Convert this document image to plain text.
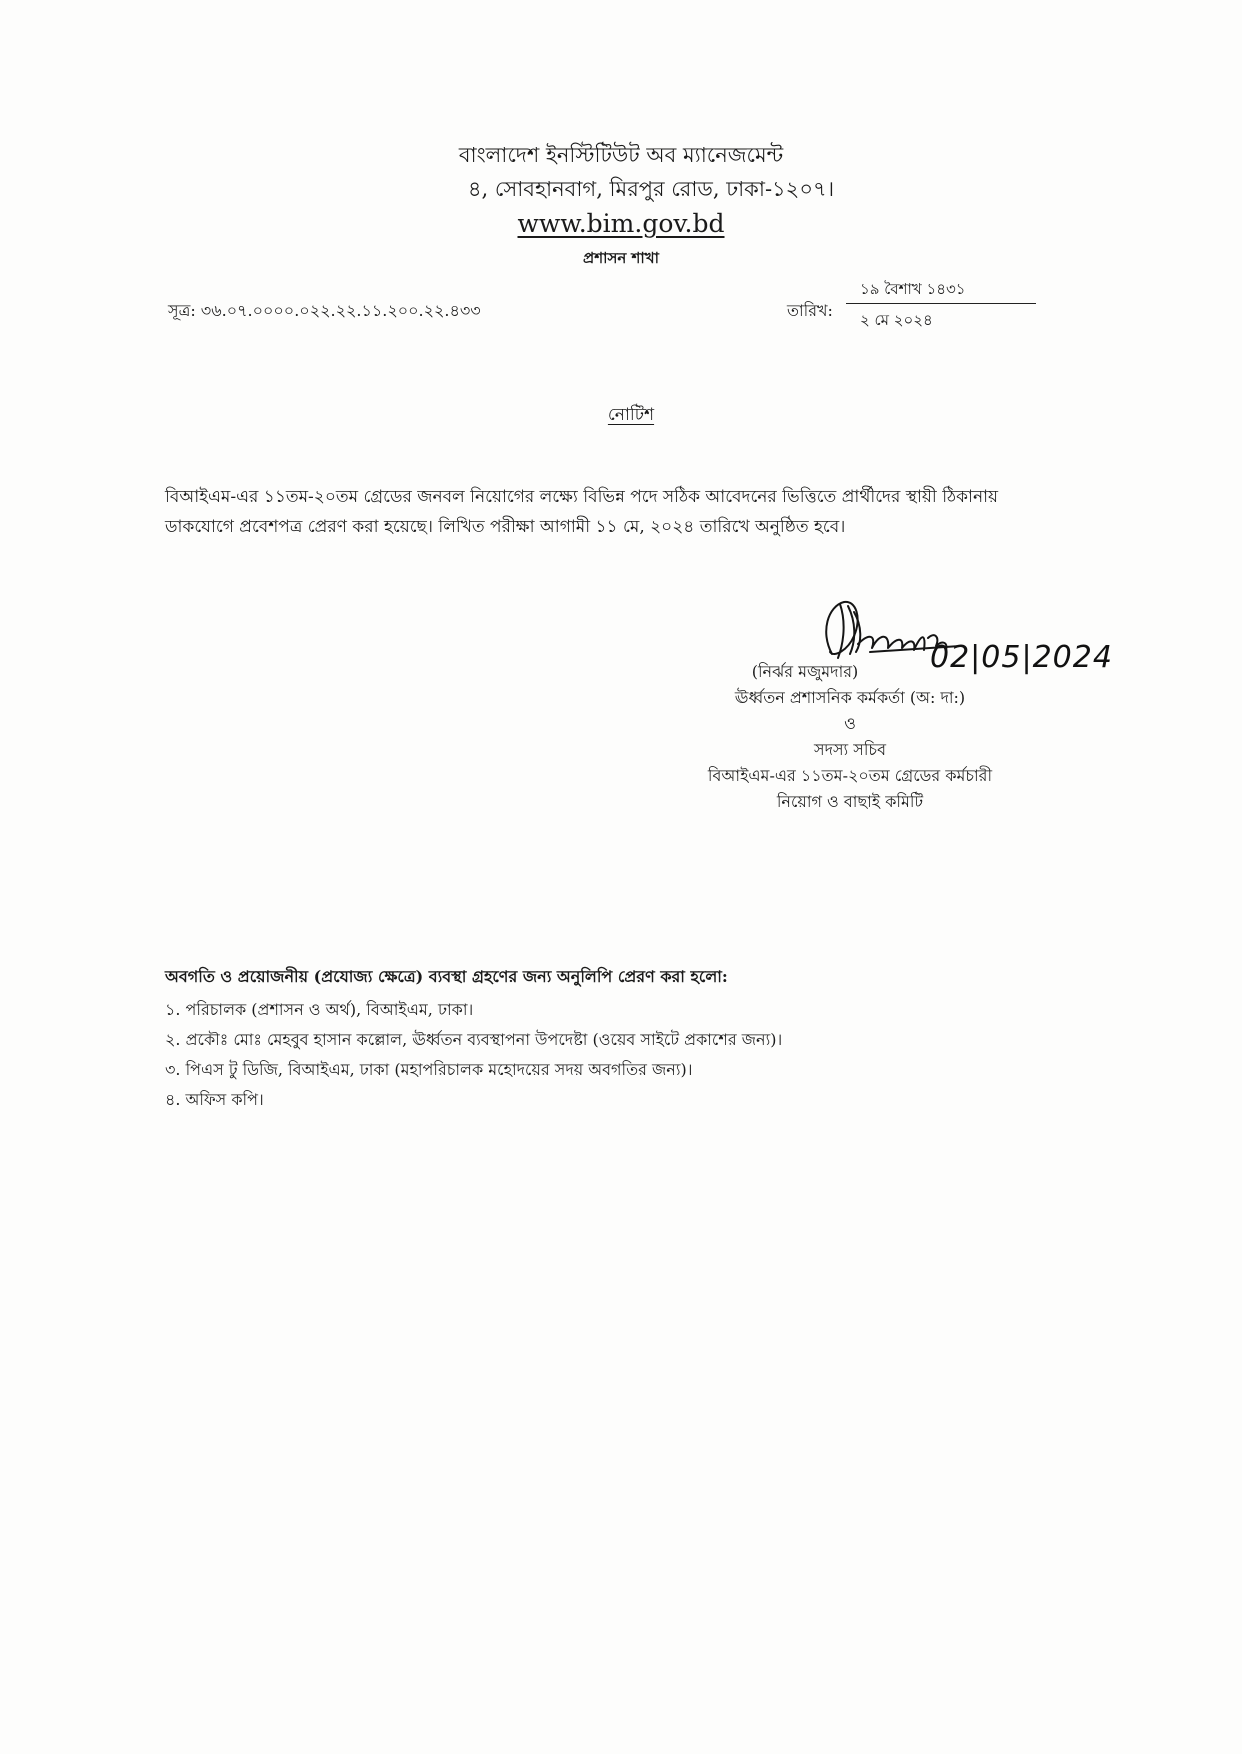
বাংলাদেশ ইনস্টিটিউট অব ম্যানেজমেন্ট
৪, সোবহানবাগ, মিরপুর রোড, ঢাকা-১২০৭।
www.bim.gov.bd
প্রশাসন শাখা
সূত্র: ৩৬.০৭.০০০০.০২২.২২.১১.২০০.২২.৪৩৩	তারিখ:
১৯ বৈশাখ ১৪৩১
২ মে ২০২৪
নোটিশ
বিআইএম-এর ১১তম-২০তম গ্রেডের জনবল নিয়োগের লক্ষ্যে বিভিন্ন পদে সঠিক আবেদনের ভিত্তিতে প্রার্থীদের স্থায়ী ঠিকানায় ডাকযোগে প্রবেশপত্র প্রেরণ করা হয়েছে। লিখিত পরীক্ষা আগামী ১১ মে, ২০২৪ তারিখে অনুষ্ঠিত হবে।
02|05|2024
(নির্ঝর মজুমদার)
ঊর্ধ্বতন প্রশাসনিক কর্মকর্তা (অ: দা:)
ও
সদস্য সচিব
বিআইএম-এর ১১তম-২০তম গ্রেডের কর্মচারী
নিয়োগ ও বাছাই কমিটি
অবগতি ও প্রয়োজনীয় (প্রযোজ্য ক্ষেত্রে) ব্যবস্থা গ্রহণের জন্য অনুলিপি প্রেরণ করা হলো:
১. পরিচালক (প্রশাসন ও অর্থ), বিআইএম, ঢাকা।
২. প্রকৌঃ মোঃ মেহবুব হাসান কল্লোল, ঊর্ধ্বতন ব্যবস্থাপনা উপদেষ্টা (ওয়েব সাইটে প্রকাশের জন্য)।
৩. পিএস টু ডিজি, বিআইএম, ঢাকা (মহাপরিচালক মহোদয়ের সদয় অবগতির জন্য)।
৪. অফিস কপি।
